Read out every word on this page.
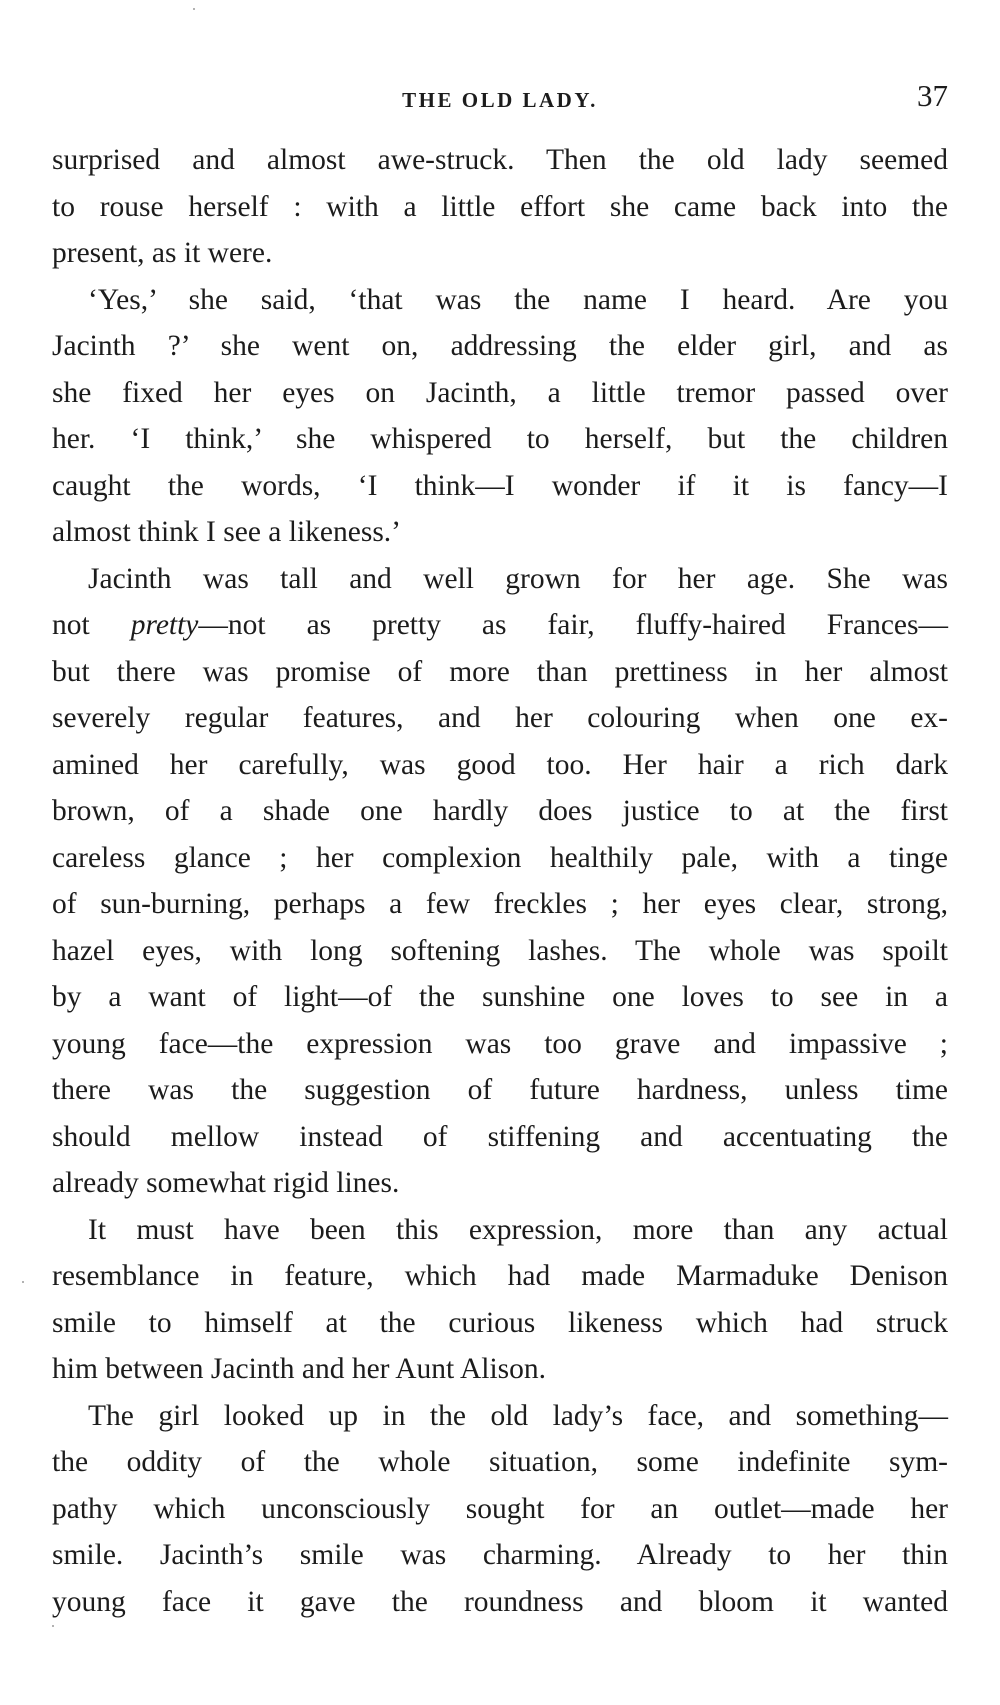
THE OLD LADY.	37
surprised and almost awe-struck. Then the old lady seemed
to rouse herself : with a little effort she came back into the
present, as it were.
‘Yes,’ she said, ‘that was the name I heard. Are you
Jacinth ?’ she went on, addressing the elder girl, and as
she fixed her eyes on Jacinth, a little tremor passed over
her. ‘I think,’ she whispered to herself, but the children
caught the words, ‘I think—I wonder if it is fancy—I
almost think I see a likeness.’
Jacinth was tall and well grown for her age. She was
not pretty—not as pretty as fair, fluffy-haired Frances—
but there was promise of more than prettiness in her almost
severely regular features, and her colouring when one ex-
amined her carefully, was good too. Her hair a rich dark
brown, of a shade one hardly does justice to at the first
careless glance ; her complexion healthily pale, with a tinge
of sun-burning, perhaps a few freckles ; her eyes clear, strong,
hazel eyes, with long softening lashes. The whole was spoilt
by a want of light—of the sunshine one loves to see in a
young face—the expression was too grave and impassive ;
there was the suggestion of future hardness, unless time
should mellow instead of stiffening and accentuating the
already somewhat rigid lines.
It must have been this expression, more than any actual
resemblance in feature, which had made Marmaduke Denison
smile to himself at the curious likeness which had struck
him between Jacinth and her Aunt Alison.
The girl looked up in the old lady’s face, and something—
the oddity of the whole situation, some indefinite sym-
pathy which unconsciously sought for an outlet—made her
smile. Jacinth’s smile was charming. Already to her thin
young face it gave the roundness and bloom it wanted
